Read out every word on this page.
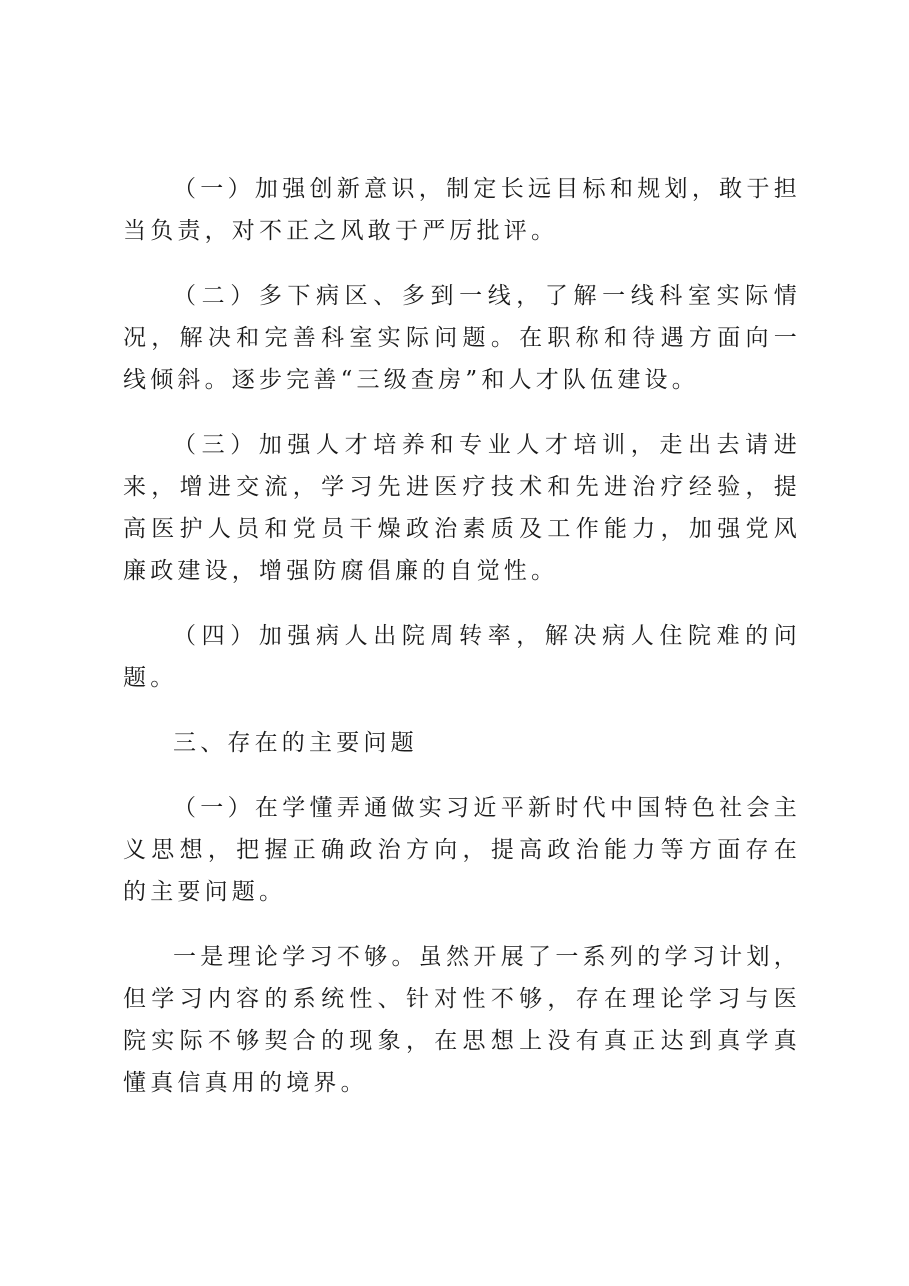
（一）加强创新意识，制定长远目标和规划，敢于担当负责，对不正之风敢于严厉批评。

（二）多下病区、多到一线，了解一线科室实际情况，解决和完善科室实际问题。在职称和待遇方面向一线倾斜。逐步完善“三级查房”和人才队伍建设。

（三）加强人才培养和专业人才培训，走出去请进来，增进交流，学习先进医疗技术和先进治疗经验，提高医护人员和党员干燥政治素质及工作能力，加强党风廉政建设，增强防腐倡廉的自觉性。

（四）加强病人出院周转率，解决病人住院难的问题。

三、存在的主要问题

（一）在学懂弄通做实习近平新时代中国特色社会主义思想，把握正确政治方向，提高政治能力等方面存在的主要问题。

一是理论学习不够。虽然开展了一系列的学习计划，但学习内容的系统性、针对性不够，存在理论学习与医院实际不够契合的现象，在思想上没有真正达到真学真懂真信真用的境界。
